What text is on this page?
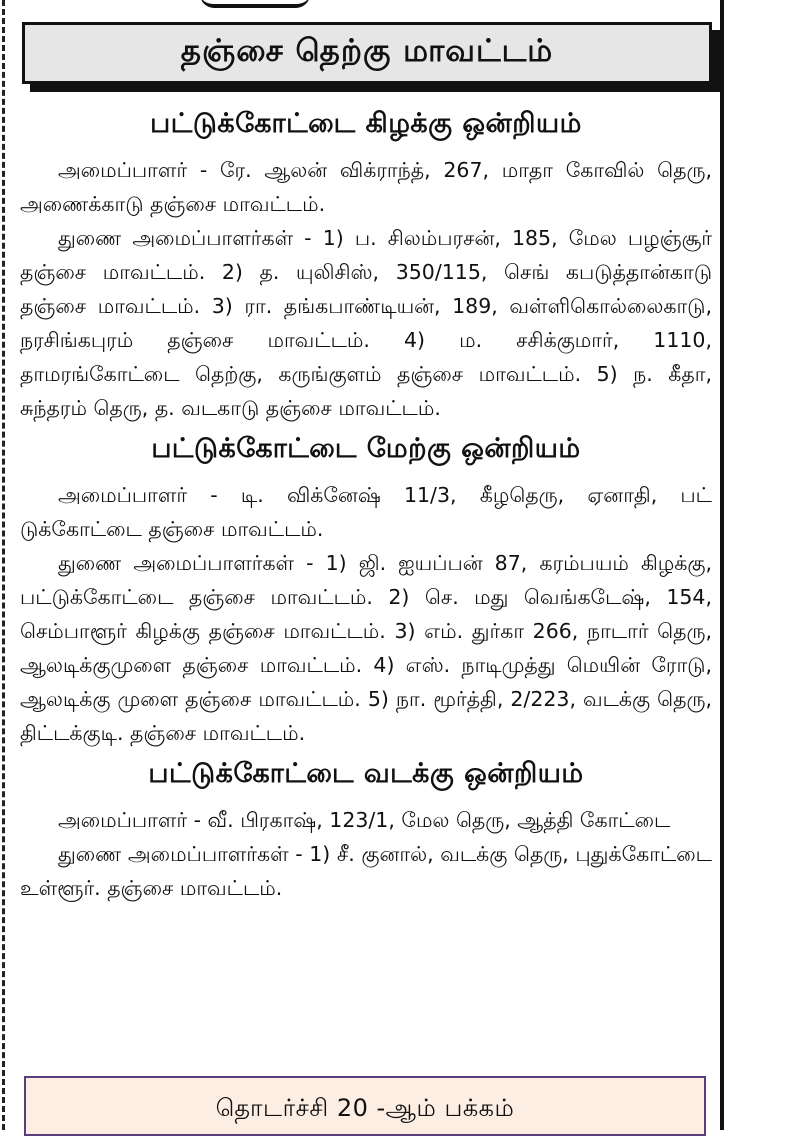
தஞ்சை தெற்கு மாவட்டம்
பட்டுக்கோட்டை கிழக்கு ஒன்றியம்

அமைப்பாளர் - ரே. ஆலன் விக்ராந்த், 267, மாதா கோவில் தெரு, அணைக்காடு தஞ்சை மாவட்டம்.

துணை அமைப்பாளர்கள் - 1) ப. சிலம்பரசன், 185, மேல பழஞ்சூர் தஞ்சை மாவட்டம். 2) த. யுலிசிஸ், 350/115, செங் கபடுத்தான்காடு தஞ்சை மாவட்டம். 3) ரா. தங்கபாண்டியன், 189, வள்ளிகொல்லைகாடு, நரசிங்கபுரம் தஞ்சை மாவட்டம். 4) ம. சசிக்குமார், 1110, தாமரங்கோட்டை தெற்கு, கருங்குளம் தஞ்சை மாவட்டம். 5) ந. கீதா, சுந்தரம் தெரு, த. வடகாடு தஞ்சை மாவட்டம்.

பட்டுக்கோட்டை மேற்கு ஒன்றியம்

அமைப்பாளர் - டி. விக்னேஷ் 11/3, கீழதெரு, ஏனாதி, பட் டுக்கோட்டை தஞ்சை மாவட்டம்.

துணை அமைப்பாளர்கள் - 1) ஜி. ஐயப்பன் 87, கரம்பயம் கிழக்கு, பட்டுக்கோட்டை தஞ்சை மாவட்டம். 2) செ. மது வெங்கடேஷ், 154, செம்பாளூர் கிழக்கு தஞ்சை மாவட்டம். 3) எம். துர்கா 266, நாடார் தெரு, ஆலடிக்குமுளை தஞ்சை மாவட்டம். 4) எஸ். நாடிமுத்து மெயின் ரோடு, ஆலடிக்கு முளை தஞ்சை மாவட்டம். 5) நா. மூர்த்தி, 2/223, வடக்கு தெரு, திட்டக்குடி. தஞ்சை மாவட்டம்.

பட்டுக்கோட்டை வடக்கு ஒன்றியம்

அமைப்பாளர் - வீ. பிரகாஷ், 123/1, மேல தெரு, ஆத்தி கோட்டை

துணை அமைப்பாளர்கள் - 1) சீ. குனால், வடக்கு தெரு, புதுக்கோட்டை உள்ளூர். தஞ்சை மாவட்டம்.

தொடர்ச்சி 20 -ஆம் பக்கம்
